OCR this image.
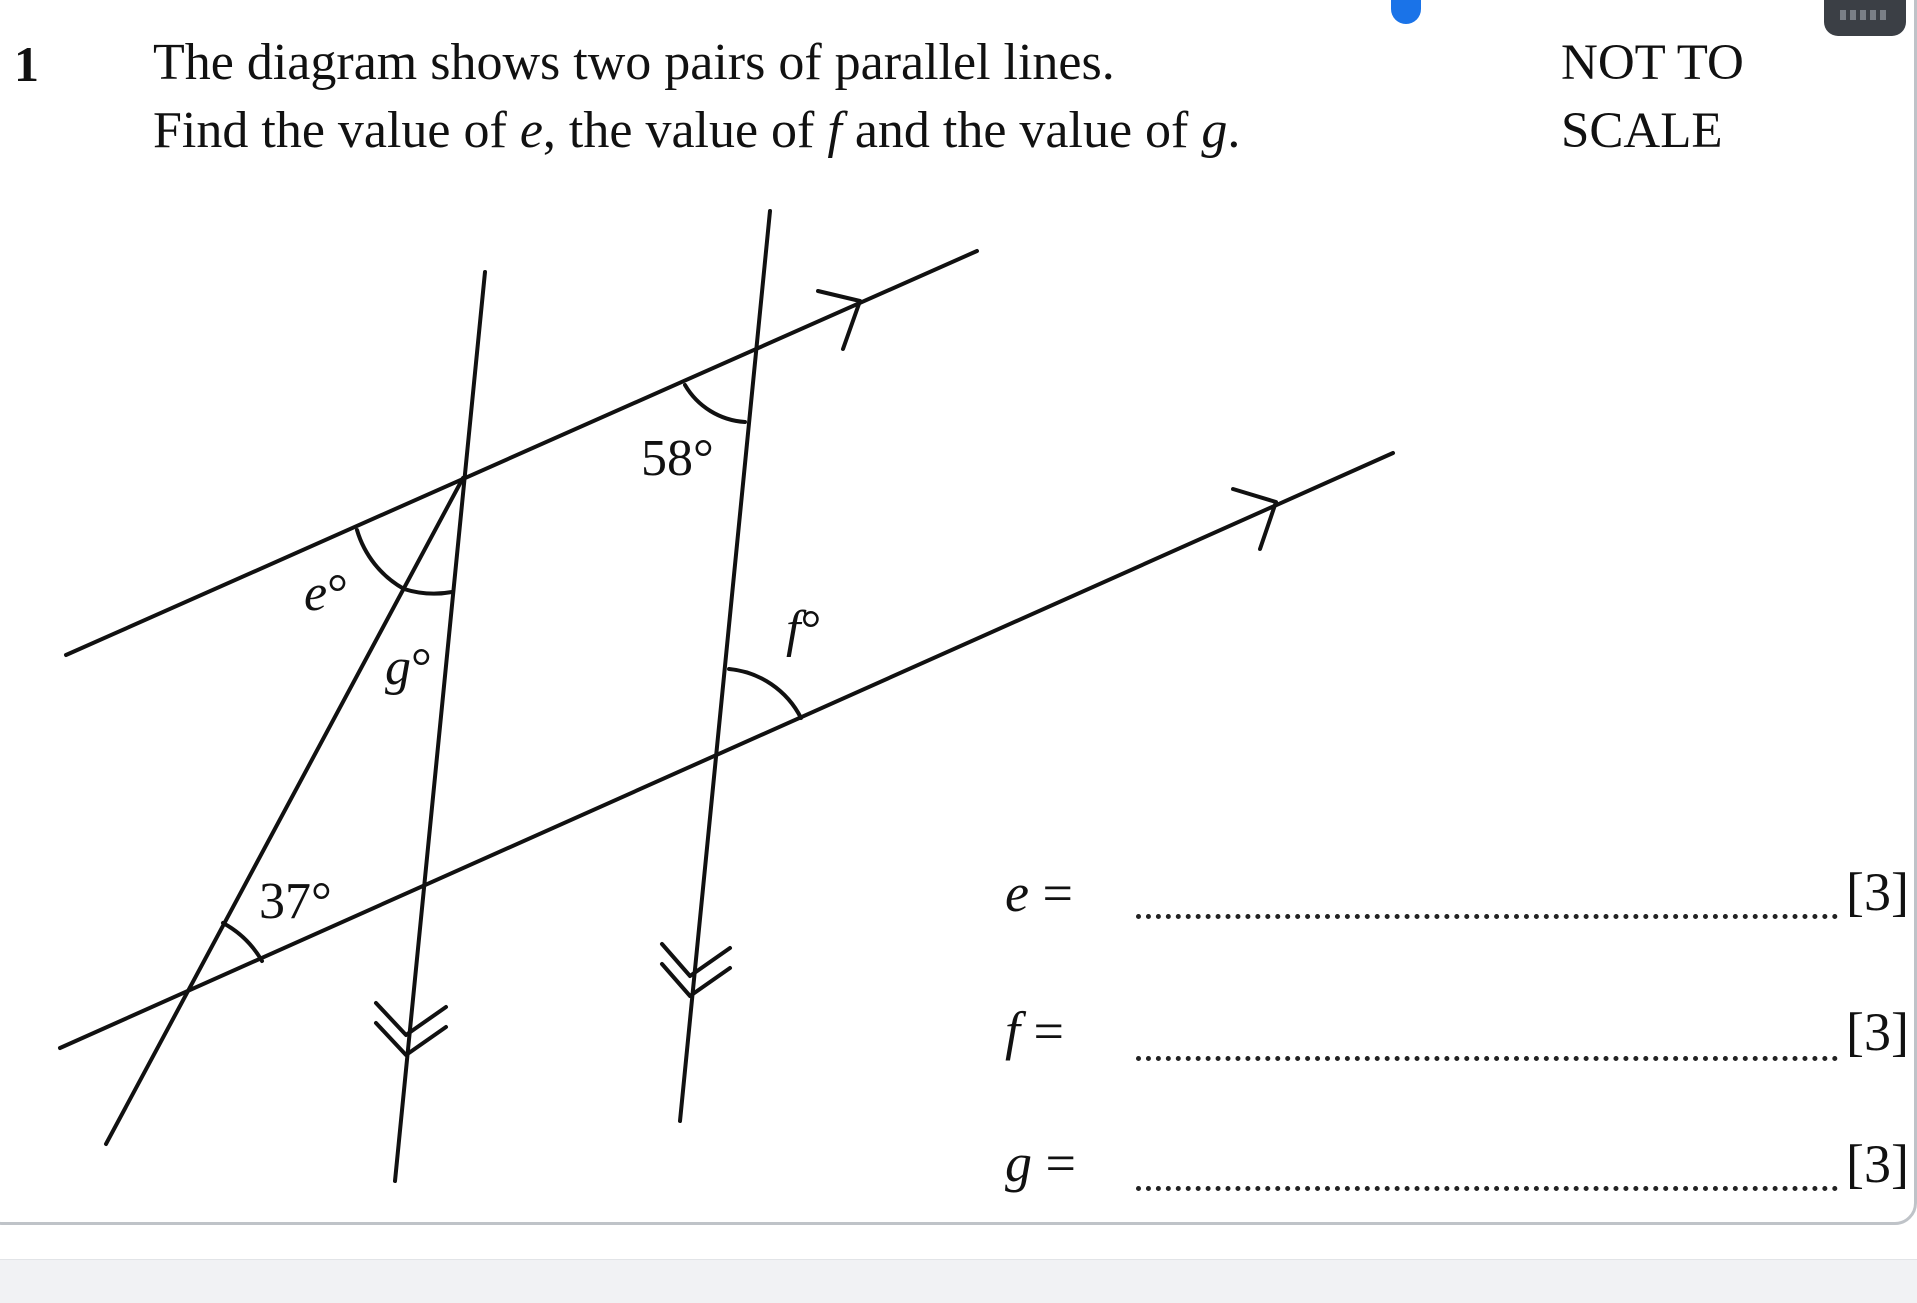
1 The diagram shows two pairs of parallel lines.
Find the value of e, the value of f and the value of g.
NOT TO
SCALE
58°
e°
g°
f°
37°	e =	[3]
f =	[3]
g =	[3]
